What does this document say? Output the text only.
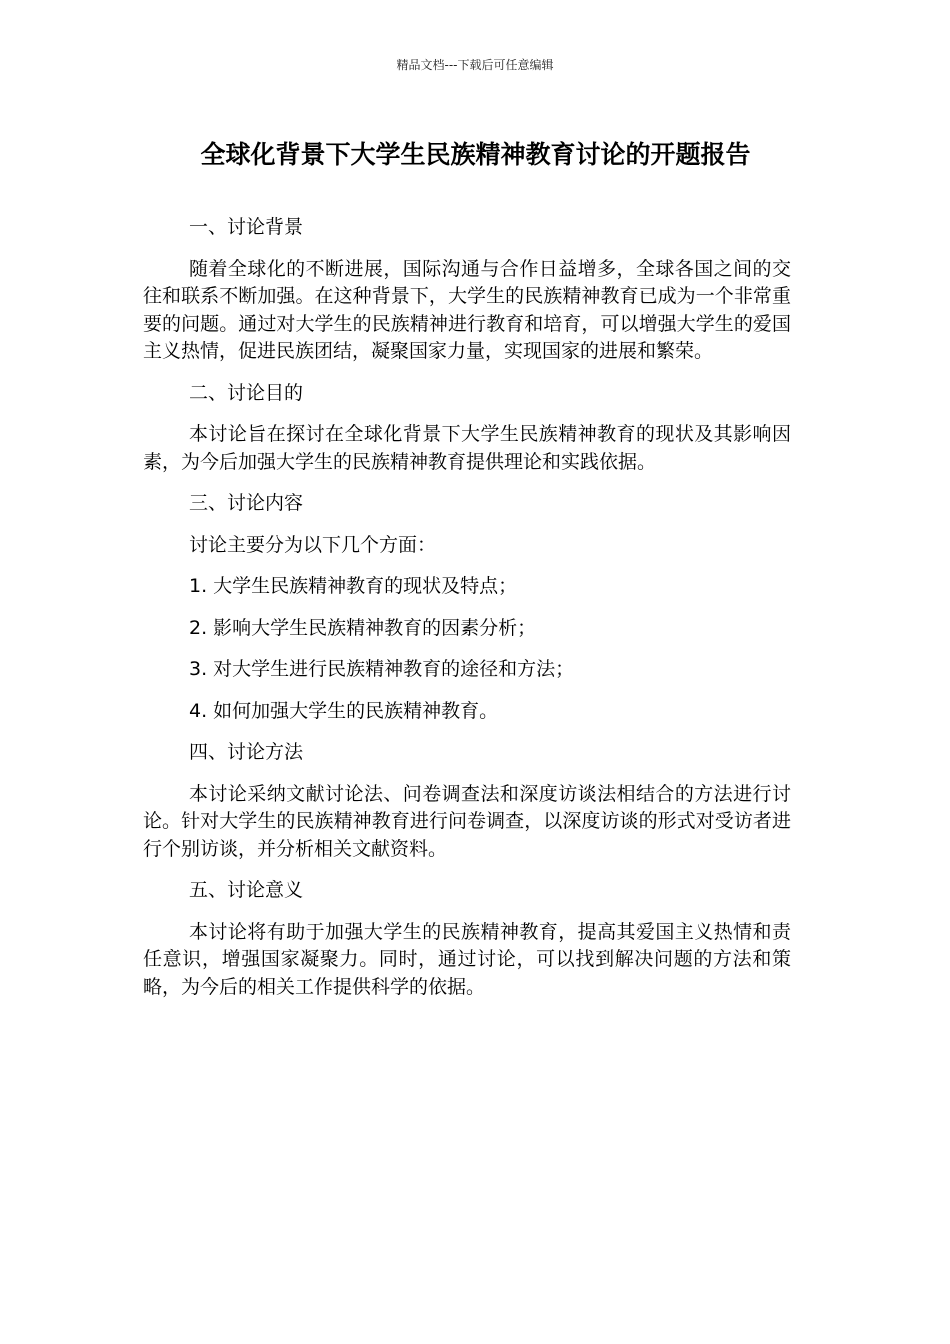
精品文档---下载后可任意编辑
全球化背景下大学生民族精神教育讨论的开题报告

一、讨论背景

随着全球化的不断进展，国际沟通与合作日益增多，全球各国之间的交往和联系不断加强。在这种背景下，大学生的民族精神教育已成为一个非常重要的问题。通过对大学生的民族精神进行教育和培育，可以增强大学生的爱国主义热情，促进民族团结，凝聚国家力量，实现国家的进展和繁荣。

二、讨论目的

本讨论旨在探讨在全球化背景下大学生民族精神教育的现状及其影响因素，为今后加强大学生的民族精神教育提供理论和实践依据。

三、讨论内容

讨论主要分为以下几个方面：

1. 大学生民族精神教育的现状及特点；

2. 影响大学生民族精神教育的因素分析；

3. 对大学生进行民族精神教育的途径和方法；

4. 如何加强大学生的民族精神教育。

四、讨论方法

本讨论采纳文献讨论法、问卷调查法和深度访谈法相结合的方法进行讨论。针对大学生的民族精神教育进行问卷调查，以深度访谈的形式对受访者进行个别访谈，并分析相关文献资料。

五、讨论意义

本讨论将有助于加强大学生的民族精神教育，提高其爱国主义热情和责任意识，增强国家凝聚力。同时，通过讨论，可以找到解决问题的方法和策略，为今后的相关工作提供科学的依据。
